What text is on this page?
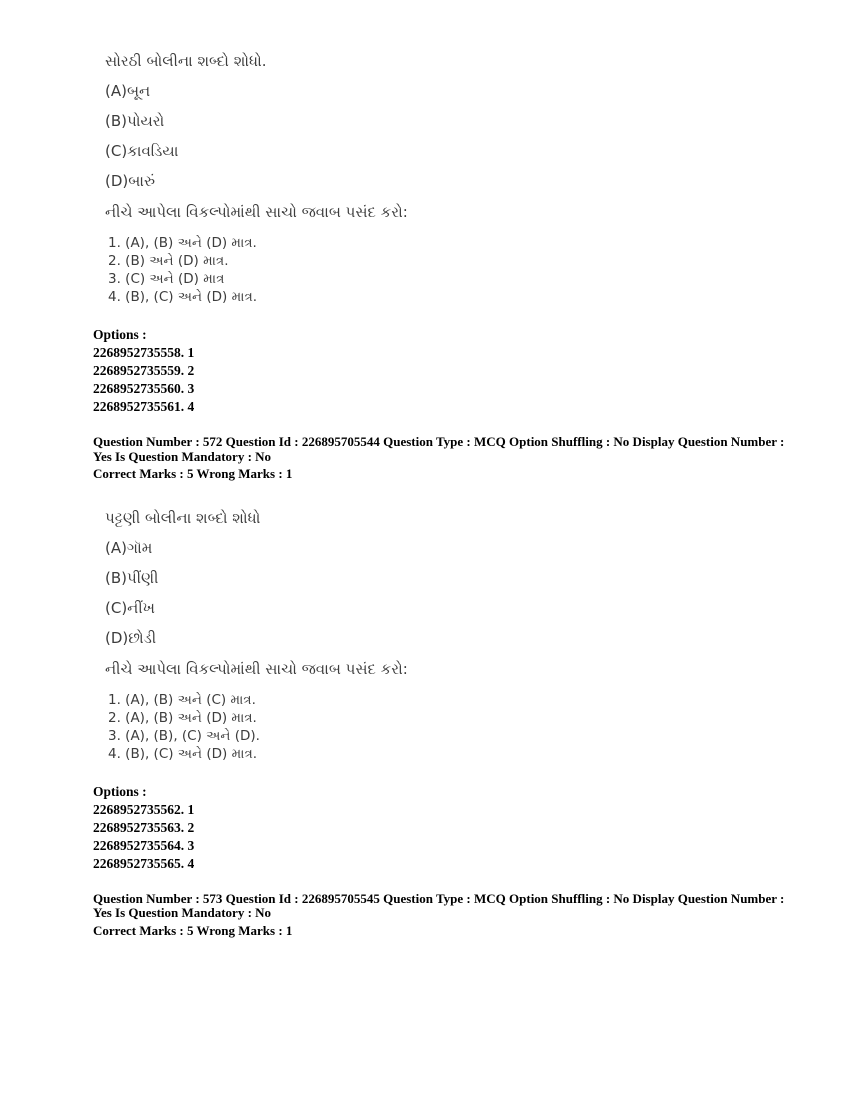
સોરઠી બોલીના શબ્દો શોધો.
(A)બૂન
(B)પોયરો
(C)કાવડિયા
(D)બારું
નીચે આપેલા વિકલ્પોમાંથી સાચો જવાબ પસંદ કરો:
1. (A), (B) અને (D) માત્ર.
2. (B) અને (D) માત્ર.
3. (C) અને (D) માત્ર
4. (B), (C) અને (D) માત્ર.
Options :
2268952735558. 1
2268952735559. 2
2268952735560. 3
2268952735561. 4
Question Number : 572 Question Id : 226895705544 Question Type : MCQ Option Shuffling : No Display Question Number : Yes Is Question Mandatory : No
Correct Marks : 5 Wrong Marks : 1
પટ્ટણી બોલીના શબ્દો શોધો
(A)ગૉમ
(B)પીંણી
(C)નીંખ
(D)છોડી
નીચે આપેલા વિકલ્પોમાંથી સાચો જવાબ પસંદ કરો:
1. (A), (B) અને (C) માત્ર.
2. (A), (B) અને (D) માત્ર.
3. (A), (B), (C) અને (D).
4. (B), (C) અને (D) માત્ર.
Options :
2268952735562. 1
2268952735563. 2
2268952735564. 3
2268952735565. 4
Question Number : 573 Question Id : 226895705545 Question Type : MCQ Option Shuffling : No Display Question Number : Yes Is Question Mandatory : No
Correct Marks : 5 Wrong Marks : 1
